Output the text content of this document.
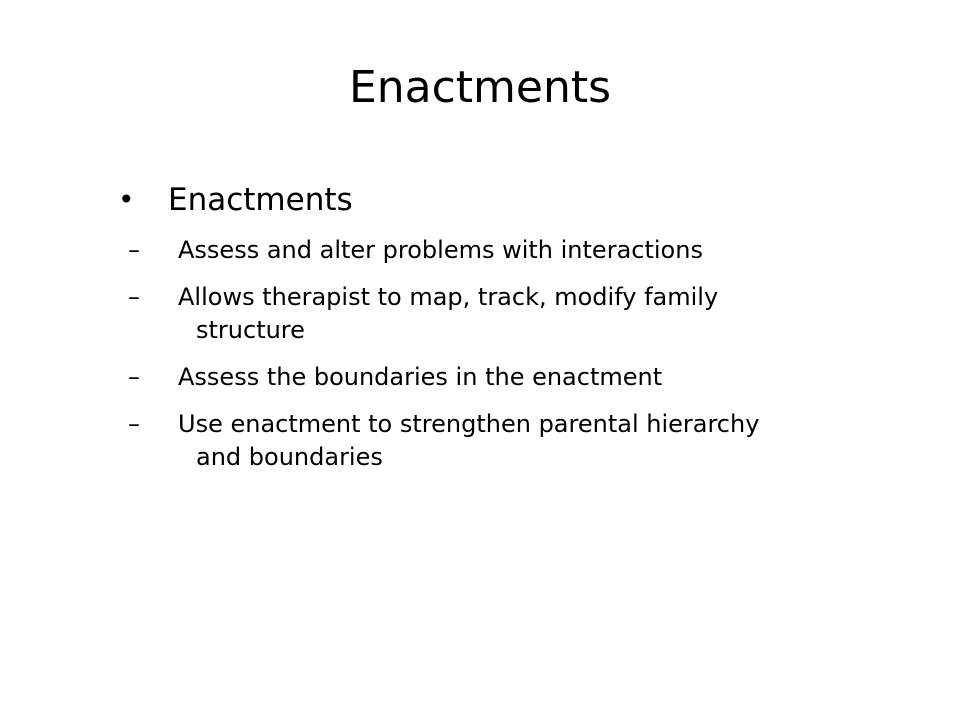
Enactments
• Enactments
–	Assess and alter problems with interactions
–	Allows therapist to map, track, modify family
structure
–	Assess the boundaries in the enactment
–	Use enactment to strengthen parental hierarchy
and boundaries
